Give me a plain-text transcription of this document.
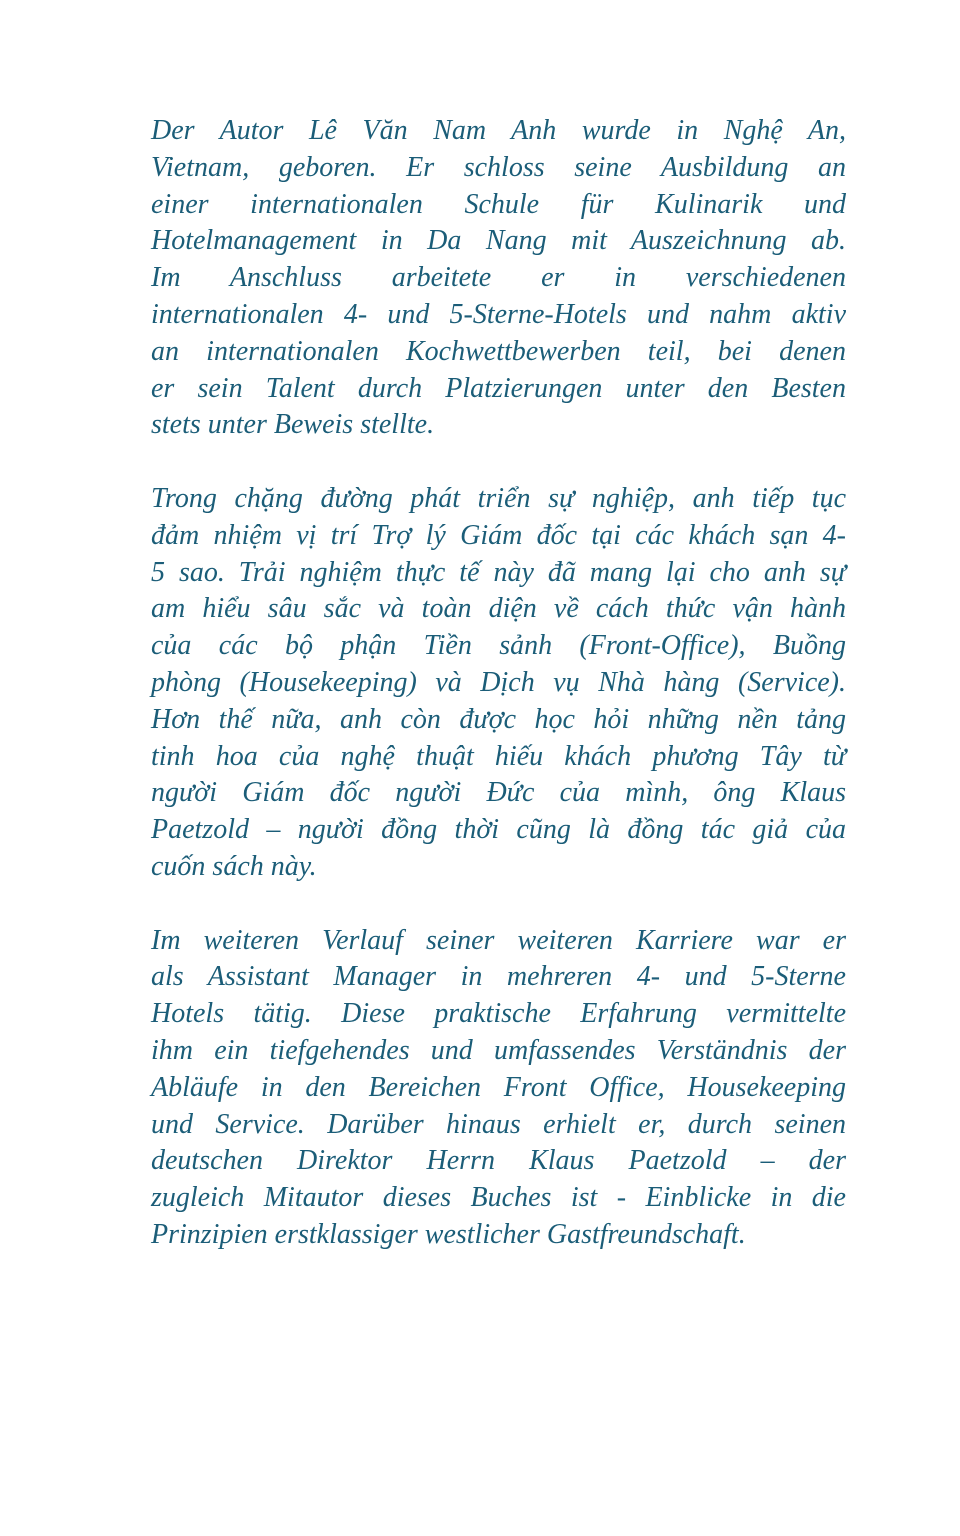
Der Autor Lê Văn Nam Anh wurde in Nghệ An,
Vietnam, geboren. Er schloss seine Ausbildung an
einer internationalen Schule für Kulinarik und
Hotelmanagement in Da Nang mit Auszeichnung ab.
Im Anschluss arbeitete er in verschiedenen
internationalen 4- und 5-Sterne-Hotels und nahm aktiv
an internationalen Kochwettbewerben teil, bei denen
er sein Talent durch Platzierungen unter den Besten
stets unter Beweis stellte.

Trong chặng đường phát triển sự nghiệp, anh tiếp tục
đảm nhiệm vị trí Trợ lý Giám đốc tại các khách sạn 4-
5 sao. Trải nghiệm thực tế này đã mang lại cho anh sự
am hiểu sâu sắc và toàn diện về cách thức vận hành
của các bộ phận Tiền sảnh (Front-Office), Buồng
phòng (Housekeeping) và Dịch vụ Nhà hàng (Service).
Hơn thế nữa, anh còn được học hỏi những nền tảng
tinh hoa của nghệ thuật hiếu khách phương Tây từ
người Giám đốc người Đức của mình, ông Klaus
Paetzold – người đồng thời cũng là đồng tác giả của
cuốn sách này.

Im weiteren Verlauf seiner weiteren Karriere war er
als Assistant Manager in mehreren 4- und 5-Sterne
Hotels tätig. Diese praktische Erfahrung vermittelte
ihm ein tiefgehendes und umfassendes Verständnis der
Abläufe in den Bereichen Front Office, Housekeeping
und Service. Darüber hinaus erhielt er, durch seinen
deutschen Direktor Herrn Klaus Paetzold – der
zugleich Mitautor dieses Buches ist - Einblicke in die
Prinzipien erstklassiger westlicher Gastfreundschaft.
